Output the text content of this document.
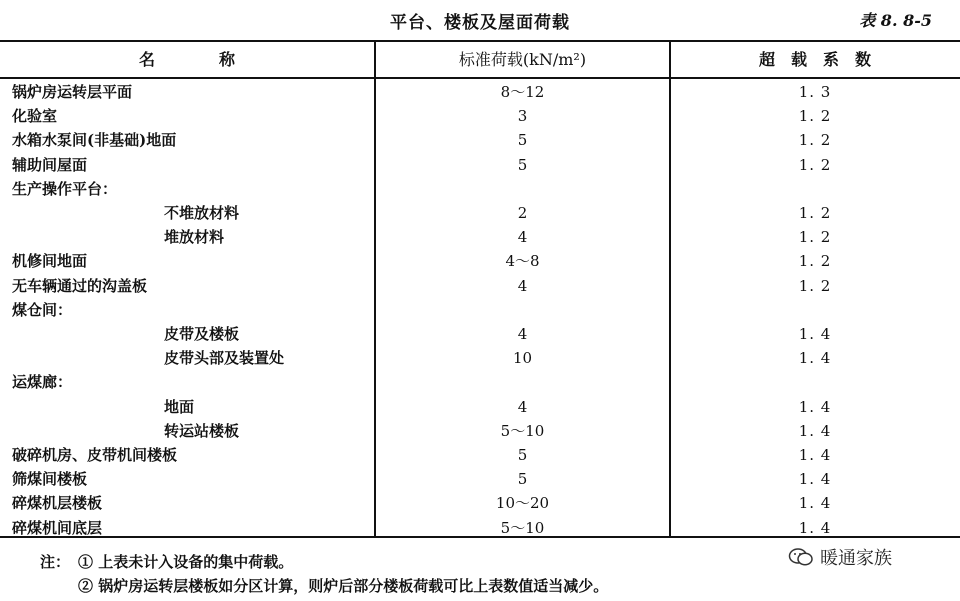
平台、楼板及屋面荷载	表 8. 8-5
名　　　　称	标准荷载(kN/m²)	超　载　系　数
锅炉房运转层平面	8～12	1. 3
化验室	3	1. 2
水箱水泵间(非基础)地面	5	1. 2
辅助间屋面	5	1. 2
生产操作平台：
不堆放材料	2	1. 2
堆放材料	4	1. 2
机修间地面	4～8	1. 2
无车辆通过的沟盖板	4	1. 2
煤仓间：
皮带及楼板	4	1. 4
皮带头部及装置处	10	1. 4
运煤廊：
地面	4	1. 4
转运站楼板	5～10	1. 4
破碎机房、皮带机间楼板	5	1. 4
筛煤间楼板	5	1. 4
碎煤机层楼板	10～20	1. 4
碎煤机间底层	5～10	1. 4
注： ① 上表未计入设备的集中荷载。
② 锅炉房运转层楼板如分区计算，则炉后部分楼板荷载可比上表数值适当减少。
暖通家族
